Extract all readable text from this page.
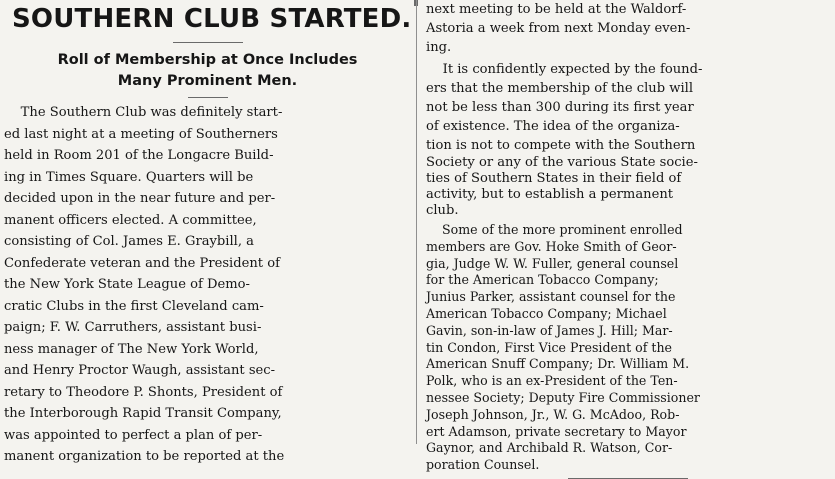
SOUTHERN CLUB STARTED.
Roll of Membership at Once Includes
Many Prominent Men.
The Southern Club was definitely start-
ed last night at a meeting of Southerners
held in Room 201 of the Longacre Build-
ing in Times Square. Quarters will be
decided upon in the near future and per-
manent officers elected. A committee,
consisting of Col. James E. Graybill, a
Confederate veteran and the President of
the New York State League of Demo-
cratic Clubs in the first Cleveland cam-
paign; F. W. Carruthers, assistant busi-
ness manager of The New York World,
and Henry Proctor Waugh, assistant sec-
retary to Theodore P. Shonts, President of
the Interborough Rapid Transit Company,
was appointed to perfect a plan of per-
manent organization to be reported at the
next meeting to be held at the Waldorf-
Astoria a week from next Monday even-
ing.
It is confidently expected by the found-
ers that the membership of the club will
not be less than 300 during its first year
of existence. The idea of the organiza-
tion is not to compete with the Southern
Society or any of the various State socie-
ties of Southern States in their field of
activity, but to establish a permanent
club.
Some of the more prominent enrolled
members are Gov. Hoke Smith of Geor-
gia, Judge W. W. Fuller, general counsel
for the American Tobacco Company;
Junius Parker, assistant counsel for the
American Tobacco Company; Michael
Gavin, son-in-law of James J. Hill; Mar-
tin Condon, First Vice President of the
American Snuff Company; Dr. William M.
Polk, who is an ex-President of the Ten-
nessee Society; Deputy Fire Commissioner
Joseph Johnson, Jr., W. G. McAdoo, Rob-
ert Adamson, private secretary to Mayor
Gaynor, and Archibald R. Watson, Cor-
poration Counsel.
